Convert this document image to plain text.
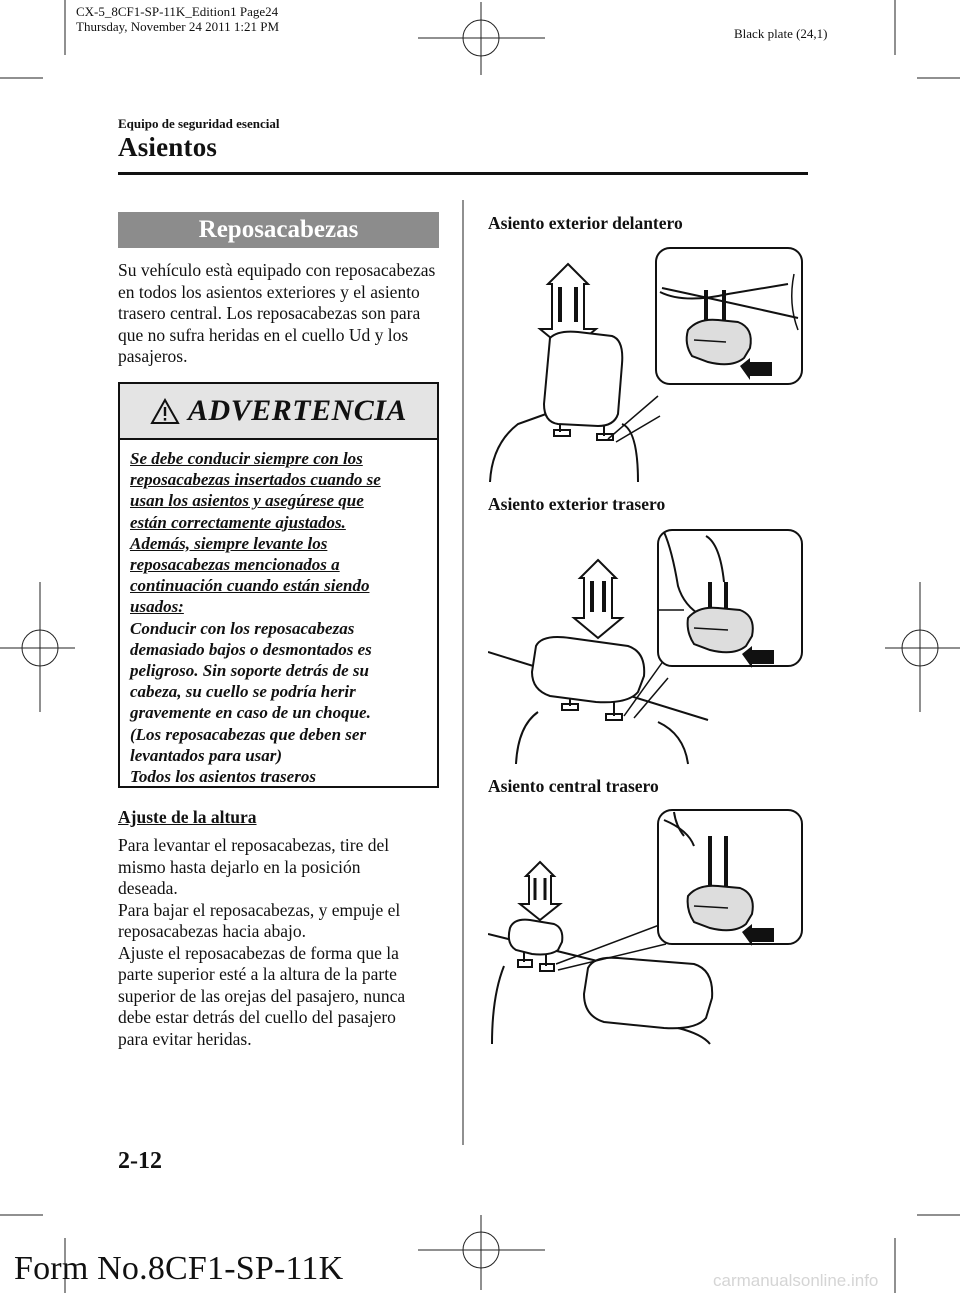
CX-5_8CF1-SP-11K_Edition1 Page24
Thursday, November 24 2011 1:21 PM	Black plate (24,1)
Equipo de seguridad esencial
Asientos
Reposacabezas
Su vehículo està equipado con reposacabezas en todos los asientos exteriores y el asiento trasero central. Los reposacabezas son para que no sufra heridas en el cuello Ud y los pasajeros.
ADVERTENCIA
Se debe conducir siempre con los
reposacabezas insertados cuando se
usan los asientos y asegúrese que
están correctamente ajustados.
Además, siempre levante los
reposacabezas mencionados a
continuación cuando están siendo
usados:
Conducir con los reposacabezas
demasiado bajos o desmontados es
peligroso. Sin soporte detrás de su
cabeza, su cuello se podría herir
gravemente en caso de un choque.
(Los reposacabezas que deben ser
levantados para usar)
Todos los asientos traseros
Ajuste de la altura
Para levantar el reposacabezas, tire del
mismo hasta dejarlo en la posición
deseada.
Para bajar el reposacabezas, y empuje el
reposacabezas hacia abajo.
Ajuste el reposacabezas de forma que la
parte superior esté a la altura de la parte
superior de las orejas del pasajero, nunca
debe estar detrás del cuello del pasajero
para evitar heridas.
Asiento exterior delantero
Asiento exterior trasero
Asiento central trasero
2-12
Form No.8CF1-SP-11K	carmanualsonline.info
